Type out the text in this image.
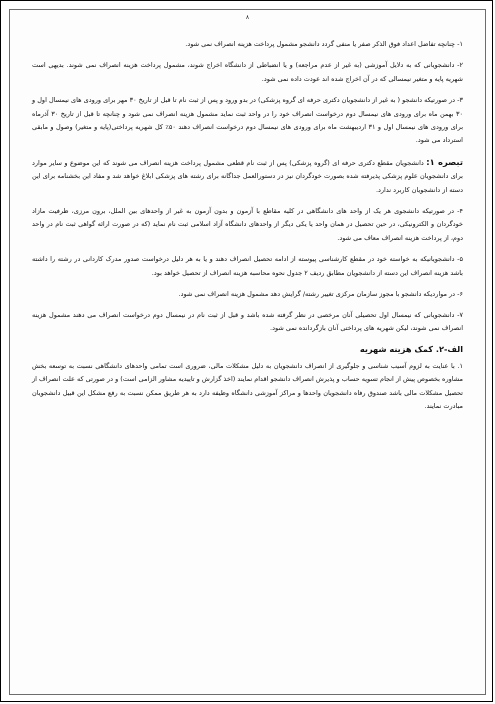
۸

۱- چنانچه تفاضل اعداد فوق الذکر صفر یا منفی گردد دانشجو مشمول پرداخت هزینه انصراف نمی شود.

۲- دانشجویانی که به دلایل آموزشی (به غیر از عدم مراجعه) و یا انضباطی از دانشگاه اخراج شوند، مشمول پرداخت هزینه انصراف نمی شوند. بدیهی است شهریه پایه و متغیر نیمسالی که در آن اخراج شده اند عودت داده نمی شود.

۳- در صورتیکه دانشجو ( به غیر از دانشجویان دکتری حرفه ای گروه پزشکی) در بدو ورود و پس از ثبت نام تا قبل از تاریخ ۳۰ مهر برای ورودی های نیمسال اول و ۳۰ بهمن ماه برای ورودی های نیمسال دوم درخواست انصراف خود را در واحد ثبت نماید مشمول هزینه انصراف نمی شود و چنانچه تا قبل از تاریخ ۳۰ آذرماه برای ورودی های نیمسال اول و ۳۱ اردیبهشت ماه برای ورودی های نیمسال دوم درخواست انصراف دهند ۵۰٪ کل شهریه پرداختی(پایه و متغیر) وصول و مابقی استرداد می شود.

تبصره ۱: دانشجویان مقطع دکتری حرفه ای (گروه پزشکی) پس از ثبت نام قطعی مشمول پرداخت هزینه انصراف می شوند که این موضوع و سایر موارد برای دانشجویان علوم پزشکی پذیرفته شده بصورت خودگردان نیز در دستورالعمل جداگانه برای رشته های پزشکی ابلاغ خواهد شد و مفاد این بخشنامه برای این دسته از دانشجویان کاربرد ندارد.

۴- در صورتیکه دانشجوی هر یک از واحد های دانشگاهی در کلیه مقاطع با آزمون و بدون آزمون به غیر از واحدهای بین الملل، برون مرزی، ظرفیت مازاد خودگردان و الکترونیکی، در حین تحصیل در همان واحد یا یکی دیگر از واحدهای دانشگاه آزاد اسلامی ثبت نام نماید (که در صورت ارائه گواهی ثبت نام در واحد دوم، از پرداخت هزینه انصراف معاف می شود.

۵- دانشجویانیکه به خواسته خود در مقطع کارشناسی پیوسته از ادامه تحصیل انصراف دهند و یا به هر دلیل درخواست صدور مدرک کاردانی در رشته را داشته باشد هزینه انصراف این دسته از دانشجویان مطابق ردیف ۲ جدول نحوه محاسبه هزینه انصراف از تحصیل خواهد بود.

۶- در مواردیکه دانشجو با مجوز سازمان مرکزی تغییر رشته/ گرایش دهد مشمول هزینه انصراف نمی شود.

۷- دانشجویانی که نیمسال اول تحصیلی آنان مرخصی در نظر گرفته شده باشد و قبل از ثبت نام در نیمسال دوم درخواست انصراف می دهند مشمول هزینه انصراف نمی شوند، لیکن شهریه های پرداختی آنان بازگردانده نمی شود.

الف-۲. کمک هزینه شهریه

۱. با عنایت به لزوم آسیب شناسی و جلوگیری از انصراف دانشجویان به دلیل مشکلات مالی، ضروری است تمامی واحدهای دانشگاهی نسبت به توسعه بخش مشاوره بخصوص پیش از انجام تسویه حساب و پذیرش انصراف دانشجو اقدام نمایند (اخذ گزارش و تاییدیه مشاور الزامی است) و در صورتی که علت انصراف از تحصیل مشکلات مالی باشد صندوق رفاه دانشجویان واحدها و مراکز آموزشی دانشگاه وظیفه دارد به هر طریق ممکن نسبت به رفع مشکل این قبیل دانشجویان مبادرت نمایند.
